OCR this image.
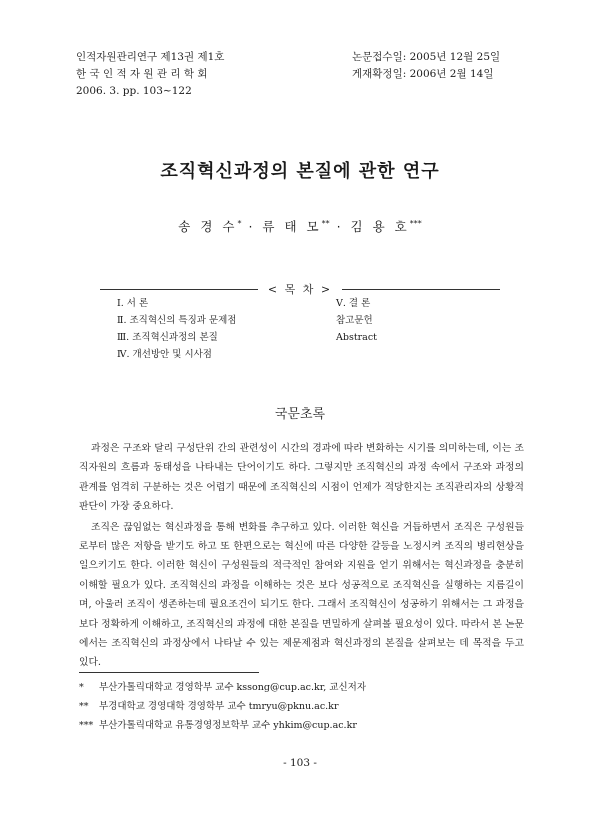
인적자원관리연구 제13권 제1호
한 국 인 적 자 원 관 리 학 회
2006. 3. pp. 103∼122
논문접수일: 2005년 12월 25일
게재확정일: 2006년 2월 14일
조직혁신과정의 본질에 관한 연구
송 경 수* · 류 태 모** · 김 용 호***
< 목 차 >
Ⅰ. 서 론
Ⅱ. 조직혁신의 특징과 문제점
Ⅲ. 조직혁신과정의 본질
Ⅳ. 개선방안 및 시사점
Ⅴ. 결 론
참고문헌
Abstract
국문초록

과정은 구조와 달리 구성단위 간의 관련성이 시간의 경과에 따라 변화하는 시기를 의미하는데, 이는 조직자원의 흐름과 동태성을 나타내는 단어이기도 하다. 그렇지만 조직혁신의 과정 속에서 구조와 과정의 관계를 엄격히 구분하는 것은 어렵기 때문에 조직혁신의 시점이 언제가 적당한지는 조직관리자의 상황적 판단이 가장 중요하다.

조직은 끊임없는 혁신과정을 통해 변화를 추구하고 있다. 이러한 혁신을 거듭하면서 조직은 구성원들로부터 많은 저항을 받기도 하고 또 한편으로는 혁신에 따른 다양한 갈등을 노정시켜 조직의 병리현상을 일으키기도 한다. 이러한 혁신이 구성원들의 적극적인 참여와 지원을 얻기 위해서는 혁신과정을 충분히 이해할 필요가 있다. 조직혁신의 과정을 이해하는 것은 보다 성공적으로 조직혁신을 실행하는 지름길이며, 아울러 조직이 생존하는데 필요조건이 되기도 한다. 그래서 조직혁신이 성공하기 위해서는 그 과정을 보다 정확하게 이해하고, 조직혁신의 과정에 대한 본질을 면밀하게 살펴볼 필요성이 있다. 따라서 본 논문에서는 조직혁신의 과정상에서 나타날 수 있는 제문제점과 혁신과정의 본질을 살펴보는 데 목적을 두고 있다.

* 부산가톨릭대학교 경영학부 교수 kssong@cup.ac.kr, 교신저자
** 부경대학교 경영대학 경영학부 교수 tmryu@pknu.ac.kr
*** 부산가톨릭대학교 유통경영정보학부 교수 yhkim@cup.ac.kr
- 103 -
